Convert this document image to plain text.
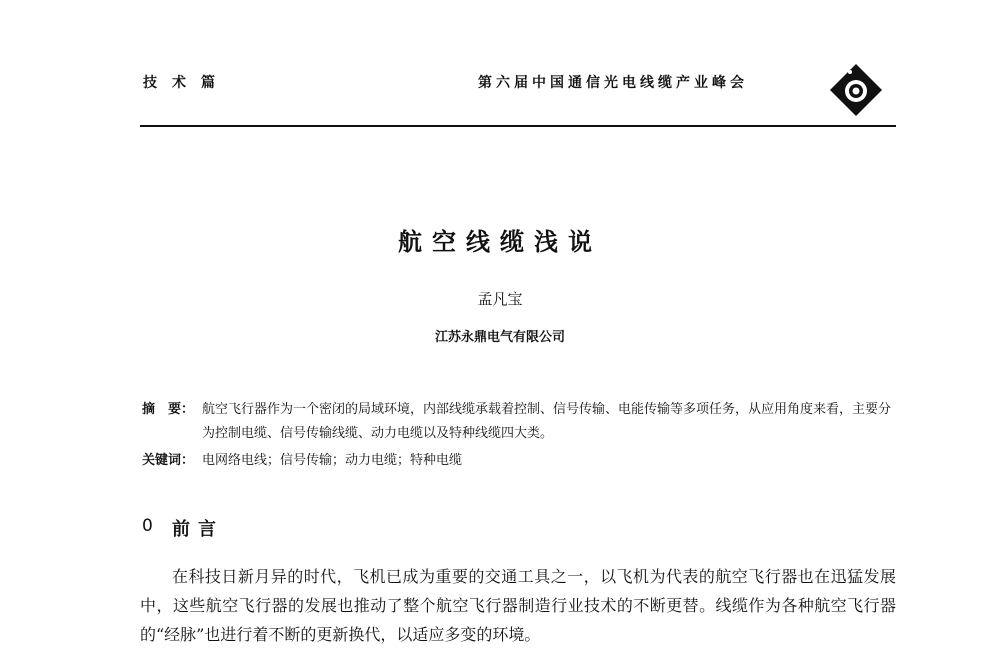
技术篇	第六届中国通信光电线缆产业峰会
航空线缆浅说
孟凡宝
江苏永鼎电气有限公司
摘　要： 航空飞行器作为一个密闭的局域环境，内部线缆承载着控制、信号传输、电能传输等多项任务，从应用角度来看，主要分为控制电缆、信号传输线缆、动力电缆以及特种线缆四大类。
关键词： 电网络电线；信号传输；动力电缆；特种电缆
0 前言

在科技日新月异的时代，飞机已成为重要的交通工具之一，以飞机为代表的航空飞行器也在迅猛发展中，这些航空飞行器的发展也推动了整个航空飞行器制造行业技术的不断更替。线缆作为各种航空飞行器的“经脉”也进行着不断的更新换代，以适应多变的环境。
